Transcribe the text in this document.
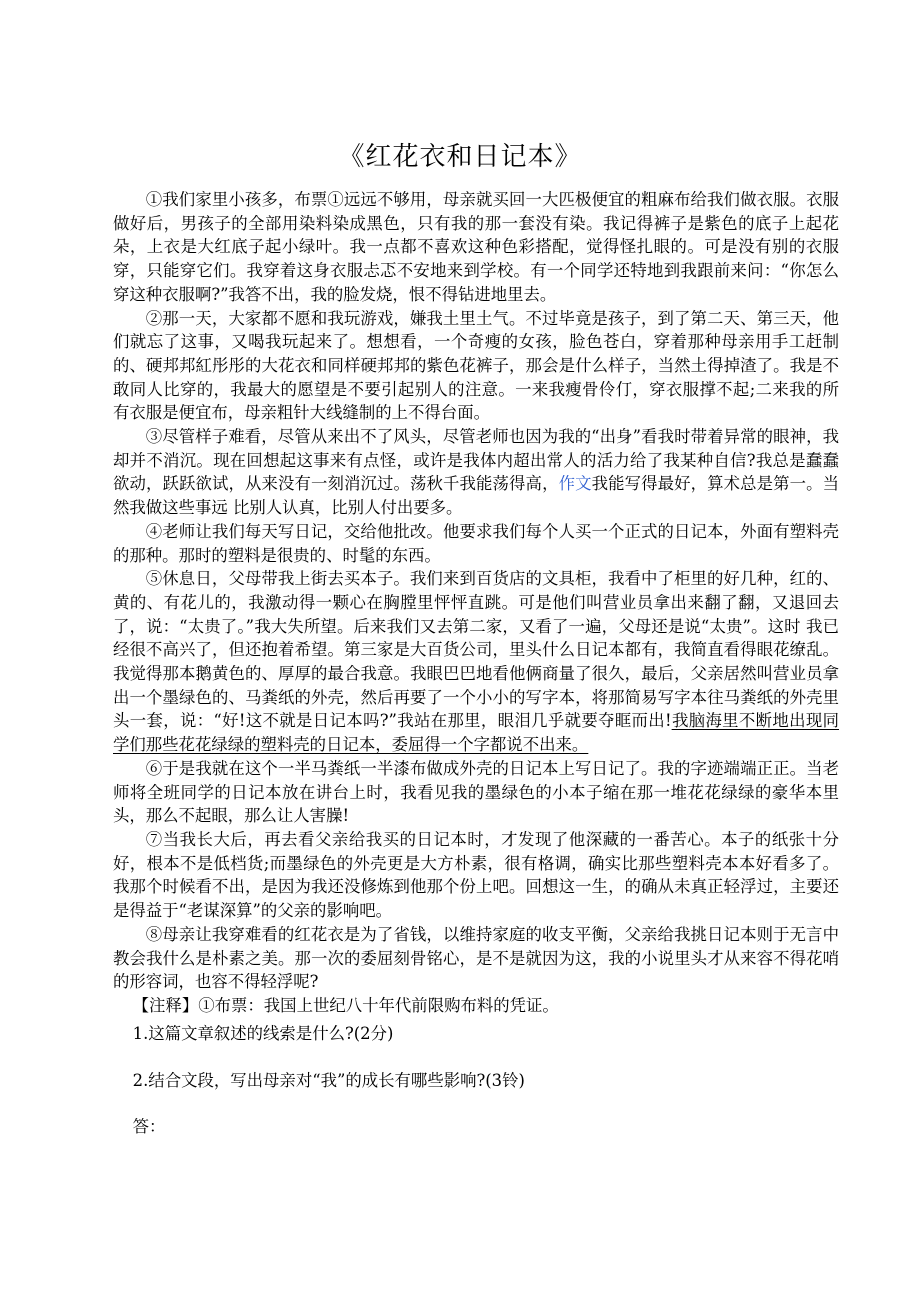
《红花衣和日记本》

①我们家里小孩多，布票①远远不够用，母亲就买回一大匹极便宜的粗麻布给我们做衣服。衣服做好后，男孩子的全部用染料染成黑色，只有我的那一套没有染。我记得裤子是紫色的底子上起花朵，上衣是大红底子起小绿叶。我一点都不喜欢这种色彩搭配，觉得怪扎眼的。可是没有别的衣服穿，只能穿它们。我穿着这身衣服忐忑不安地来到学校。有一个同学还特地到我跟前来问：“你怎么穿这种衣服啊?”我答不出，我的脸发烧，恨不得钻进地里去。

②那一天，大家都不愿和我玩游戏，嫌我土里土气。不过毕竟是孩子，到了第二天、第三天，他们就忘了这事，又喝我玩起来了。想想看，一个奇瘦的女孩，脸色苍白，穿着那种母亲用手工赶制的、硬邦邦紅彤彤的大花衣和同样硬邦邦的紫色花裤子，那会是什么样子，当然土得掉渣了。我是不敢同人比穿的，我最大的愿望是不要引起别人的注意。一来我瘦骨伶仃，穿衣服撑不起;二来我的所有衣服是便宜布，母亲粗针大线缝制的上不得台面。

③尽管样子难看，尽管从来出不了风头，尽管老师也因为我的“出身”看我时带着异常的眼神，我却并不消沉。现在回想起这事来有点怪，或许是我体内超出常人的活力给了我某种自信?我总是蠢蠢欲动，跃跃欲试，从来没有一刻消沉过。荡秋千我能荡得高，作文我能写得最好，算术总是第一。当然我做这些事远 比别人认真，比别人付出要多。

④老师让我们每天写日记，交给他批改。他要求我们每个人买一个正式的日记本，外面有塑料壳的那种。那时的塑料是很贵的、时髦的东西。

⑤休息日，父母带我上街去买本子。我们来到百货店的文具柜，我看中了柜里的好几种，红的、黄的、有花儿的，我激动得一颗心在胸膛里怦怦直跳。可是他们叫营业员拿出来翻了翻，又退回去了，说：“太贵了。”我大失所望。后来我们又去第二家，又看了一遍，父母还是说“太贵”。这时 我已经很不高兴了，但还抱着希望。第三家是大百货公司，里头什么日记本都有，我简直看得眼花缭乱。我觉得那本鹅黄色的、厚厚的最合我意。我眼巴巴地看他俩商量了很久，最后，父亲居然叫营业员拿出一个墨绿色的、马粪纸的外壳，然后再要了一个小小的写字本，将那简易写字本往马粪纸的外壳里头一套，说：“好!这不就是日记本吗?”我站在那里，眼泪几乎就要夺眶而出!我脑海里不断地出现同学们那些花花绿绿的塑料壳的日记本，委屈得一个字都说不出来。

⑥于是我就在这个一半马粪纸一半漆布做成外壳的日记本上写日记了。我的字迹端端正正。当老师将全班同学的日记本放在讲台上时，我看见我的墨绿色的小本子缩在那一堆花花绿绿的豪华本里头，那么不起眼，那么让人害臊!

⑦当我长大后，再去看父亲给我买的日记本时，才发现了他深藏的一番苦心。本子的纸张十分好，根本不是低档货;而墨绿色的外壳更是大方朴素，很有格调，确实比那些塑料壳本本好看多了。我那个时候看不出，是因为我还没修炼到他那个份上吧。回想这一生，的确从未真正轻浮过，主要还是得益于“老谋深算”的父亲的影响吧。

⑧母亲让我穿难看的红花衣是为了省钱，以维持家庭的收支平衡，父亲给我挑日记本则于无言中教会我什么是朴素之美。那一次的委屈刻骨铭心，是不是就因为这，我的小说里头才从来容不得花哨的形容词，也容不得轻浮呢?

【注释】①布票：我国上世纪八十年代前限购布料的凭证。

1.这篇文章叙述的线索是什么?(2分)

2.结合文段，写出母亲对“我”的成长有哪些影响?(3铃)

答：
